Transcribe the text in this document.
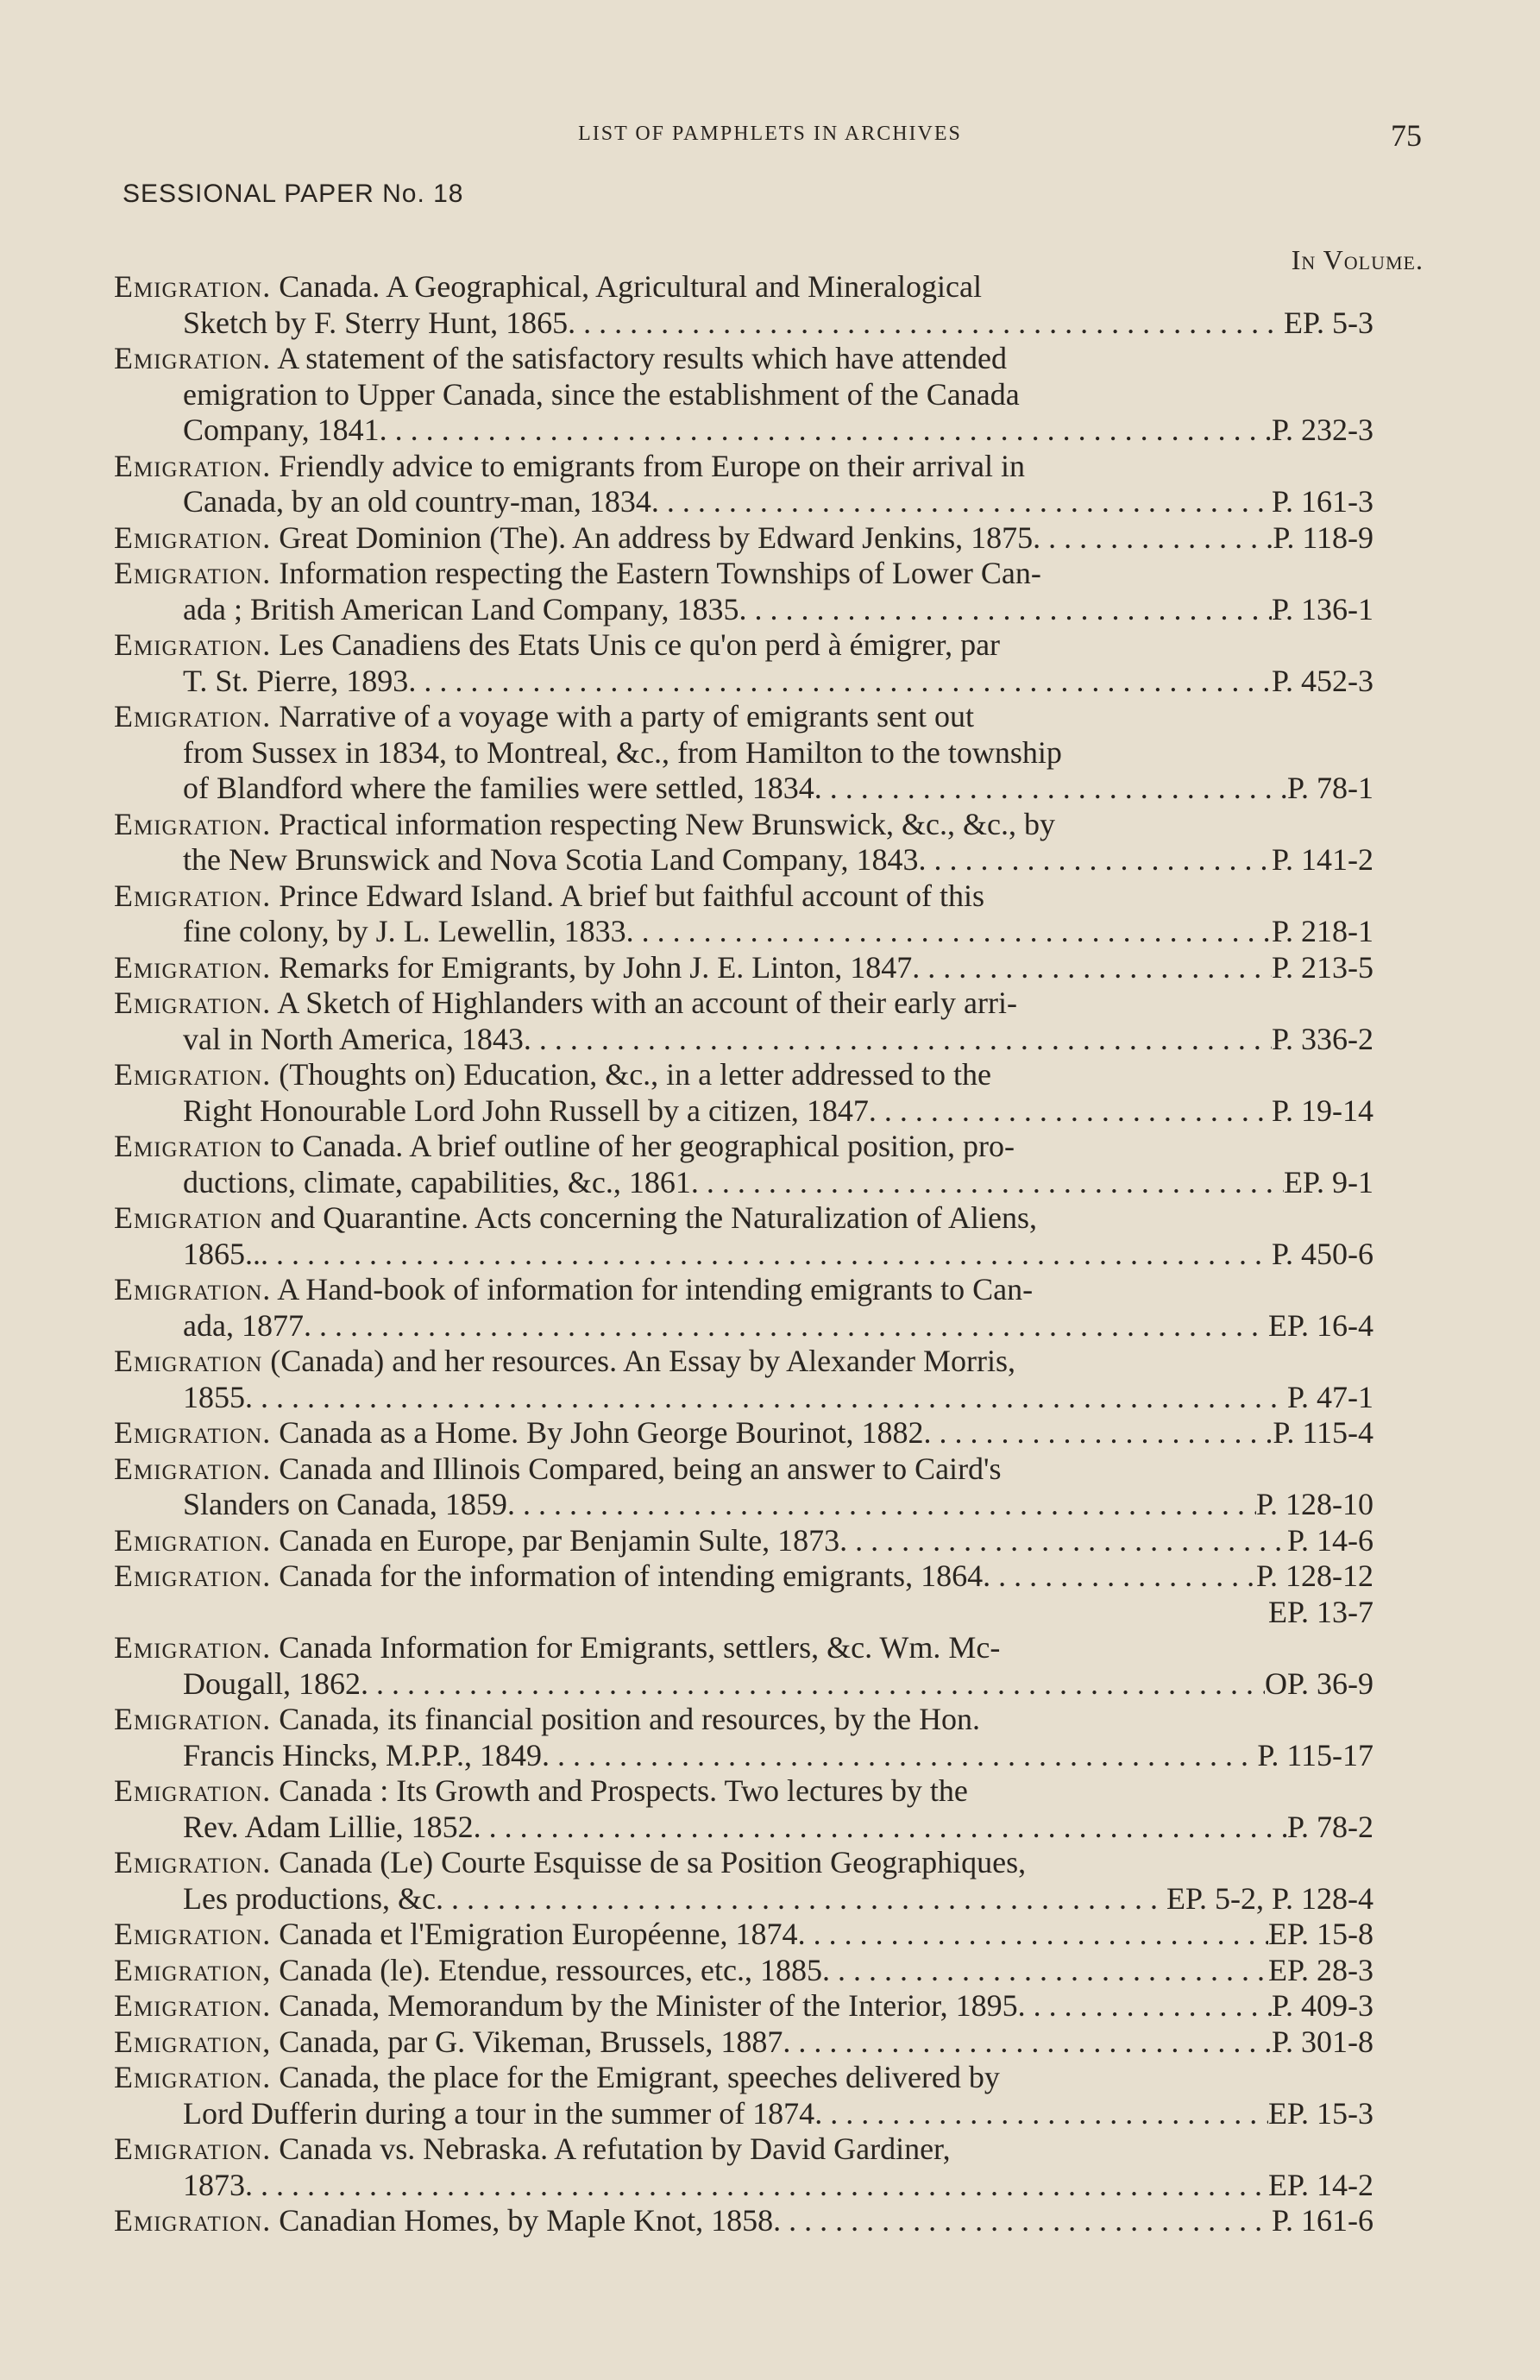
LIST OF PAMPHLETS IN ARCHIVES	75
SESSIONAL PAPER No. 18
In Volume.
Emigration. Canada. A Geographical, Agricultural and Mineralogical
Sketch by F. Sterry Hunt, 1865 . . .	EP. 5-3
Emigration. A statement of the satisfactory results which have attended
emigration to Upper Canada, since the establishment of the Canada
Company, 1841 . . .	P. 232-3
Emigration. Friendly advice to emigrants from Europe on their arrival in
Canada, by an old country-man, 1834 . . .	P. 161-3
Emigration. Great Dominion (The). An address by Edward Jenkins, 1875 . . .	P. 118-9
Emigration. Information respecting the Eastern Townships of Lower Can-
ada ; British American Land Company, 1835 . . .	P. 136-1
Emigration. Les Canadiens des Etats Unis ce qu'on perd à émigrer, par
T. St. Pierre, 1893 . . .	P. 452-3
Emigration. Narrative of a voyage with a party of emigrants sent out
from Sussex in 1834, to Montreal, &c., from Hamilton to the township
of Blandford where the families were settled, 1834 . . .	P. 78-1
Emigration. Practical information respecting New Brunswick, &c., &c., by
the New Brunswick and Nova Scotia Land Company, 1843 . . .	P. 141-2
Emigration. Prince Edward Island. A brief but faithful account of this
fine colony, by J. L. Lewellin, 1833 . . .	P. 218-1
Emigration. Remarks for Emigrants, by John J. E. Linton, 1847 . . .	P. 213-5
Emigration. A Sketch of Highlanders with an account of their early arri-
val in North America, 1843 . . .	P. 336-2
Emigration. (Thoughts on) Education, &c., in a letter addressed to the
Right Honourable Lord John Russell by a citizen, 1847 . . .	P. 19-14
Emigration to Canada. A brief outline of her geographical position, pro-
ductions, climate, capabilities, &c., 1861 . . .	EP. 9-1
Emigration and Quarantine. Acts concerning the Naturalization of Aliens,
1865.. . . .	P. 450-6
Emigration. A Hand-book of information for intending emigrants to Can-
ada, 1877 . . .	EP. 16-4
Emigration (Canada) and her resources. An Essay by Alexander Morris,
1855 . . .	P. 47-1
Emigration. Canada as a Home. By John George Bourinot, 1882 . . .	P. 115-4
Emigration. Canada and Illinois Compared, being an answer to Caird's
Slanders on Canada, 1859 . . .	P. 128-10
Emigration. Canada en Europe, par Benjamin Sulte, 1873 . . .	P. 14-6
Emigration. Canada for the information of intending emigrants, 1864 . . .	P. 128-12
EP. 13-7
Emigration. Canada Information for Emigrants, settlers, &c. Wm. Mc-
Dougall, 1862 . . .	OP. 36-9
Emigration. Canada, its financial position and resources, by the Hon.
Francis Hincks, M.P.P., 1849 . . .	P. 115-17
Emigration. Canada : Its Growth and Prospects. Two lectures by the
Rev. Adam Lillie, 1852 . . .	P. 78-2
Emigration. Canada (Le) Courte Esquisse de sa Position Geographiques,
Les productions, &c . . .	EP. 5-2, P. 128-4
Emigration. Canada et l'Emigration Européenne, 1874 . . .	EP. 15-8
Emigration, Canada (le). Etendue, ressources, etc., 1885 . . .	EP. 28-3
Emigration. Canada, Memorandum by the Minister of the Interior, 1895 . . .	P. 409-3
Emigration, Canada, par G. Vikeman, Brussels, 1887 . . .	P. 301-8
Emigration. Canada, the place for the Emigrant, speeches delivered by
Lord Dufferin during a tour in the summer of 1874 . . .	EP. 15-3
Emigration. Canada vs. Nebraska. A refutation by David Gardiner,
1873 . . .	EP. 14-2
Emigration. Canadian Homes, by Maple Knot, 1858 . . .	P. 161-6
